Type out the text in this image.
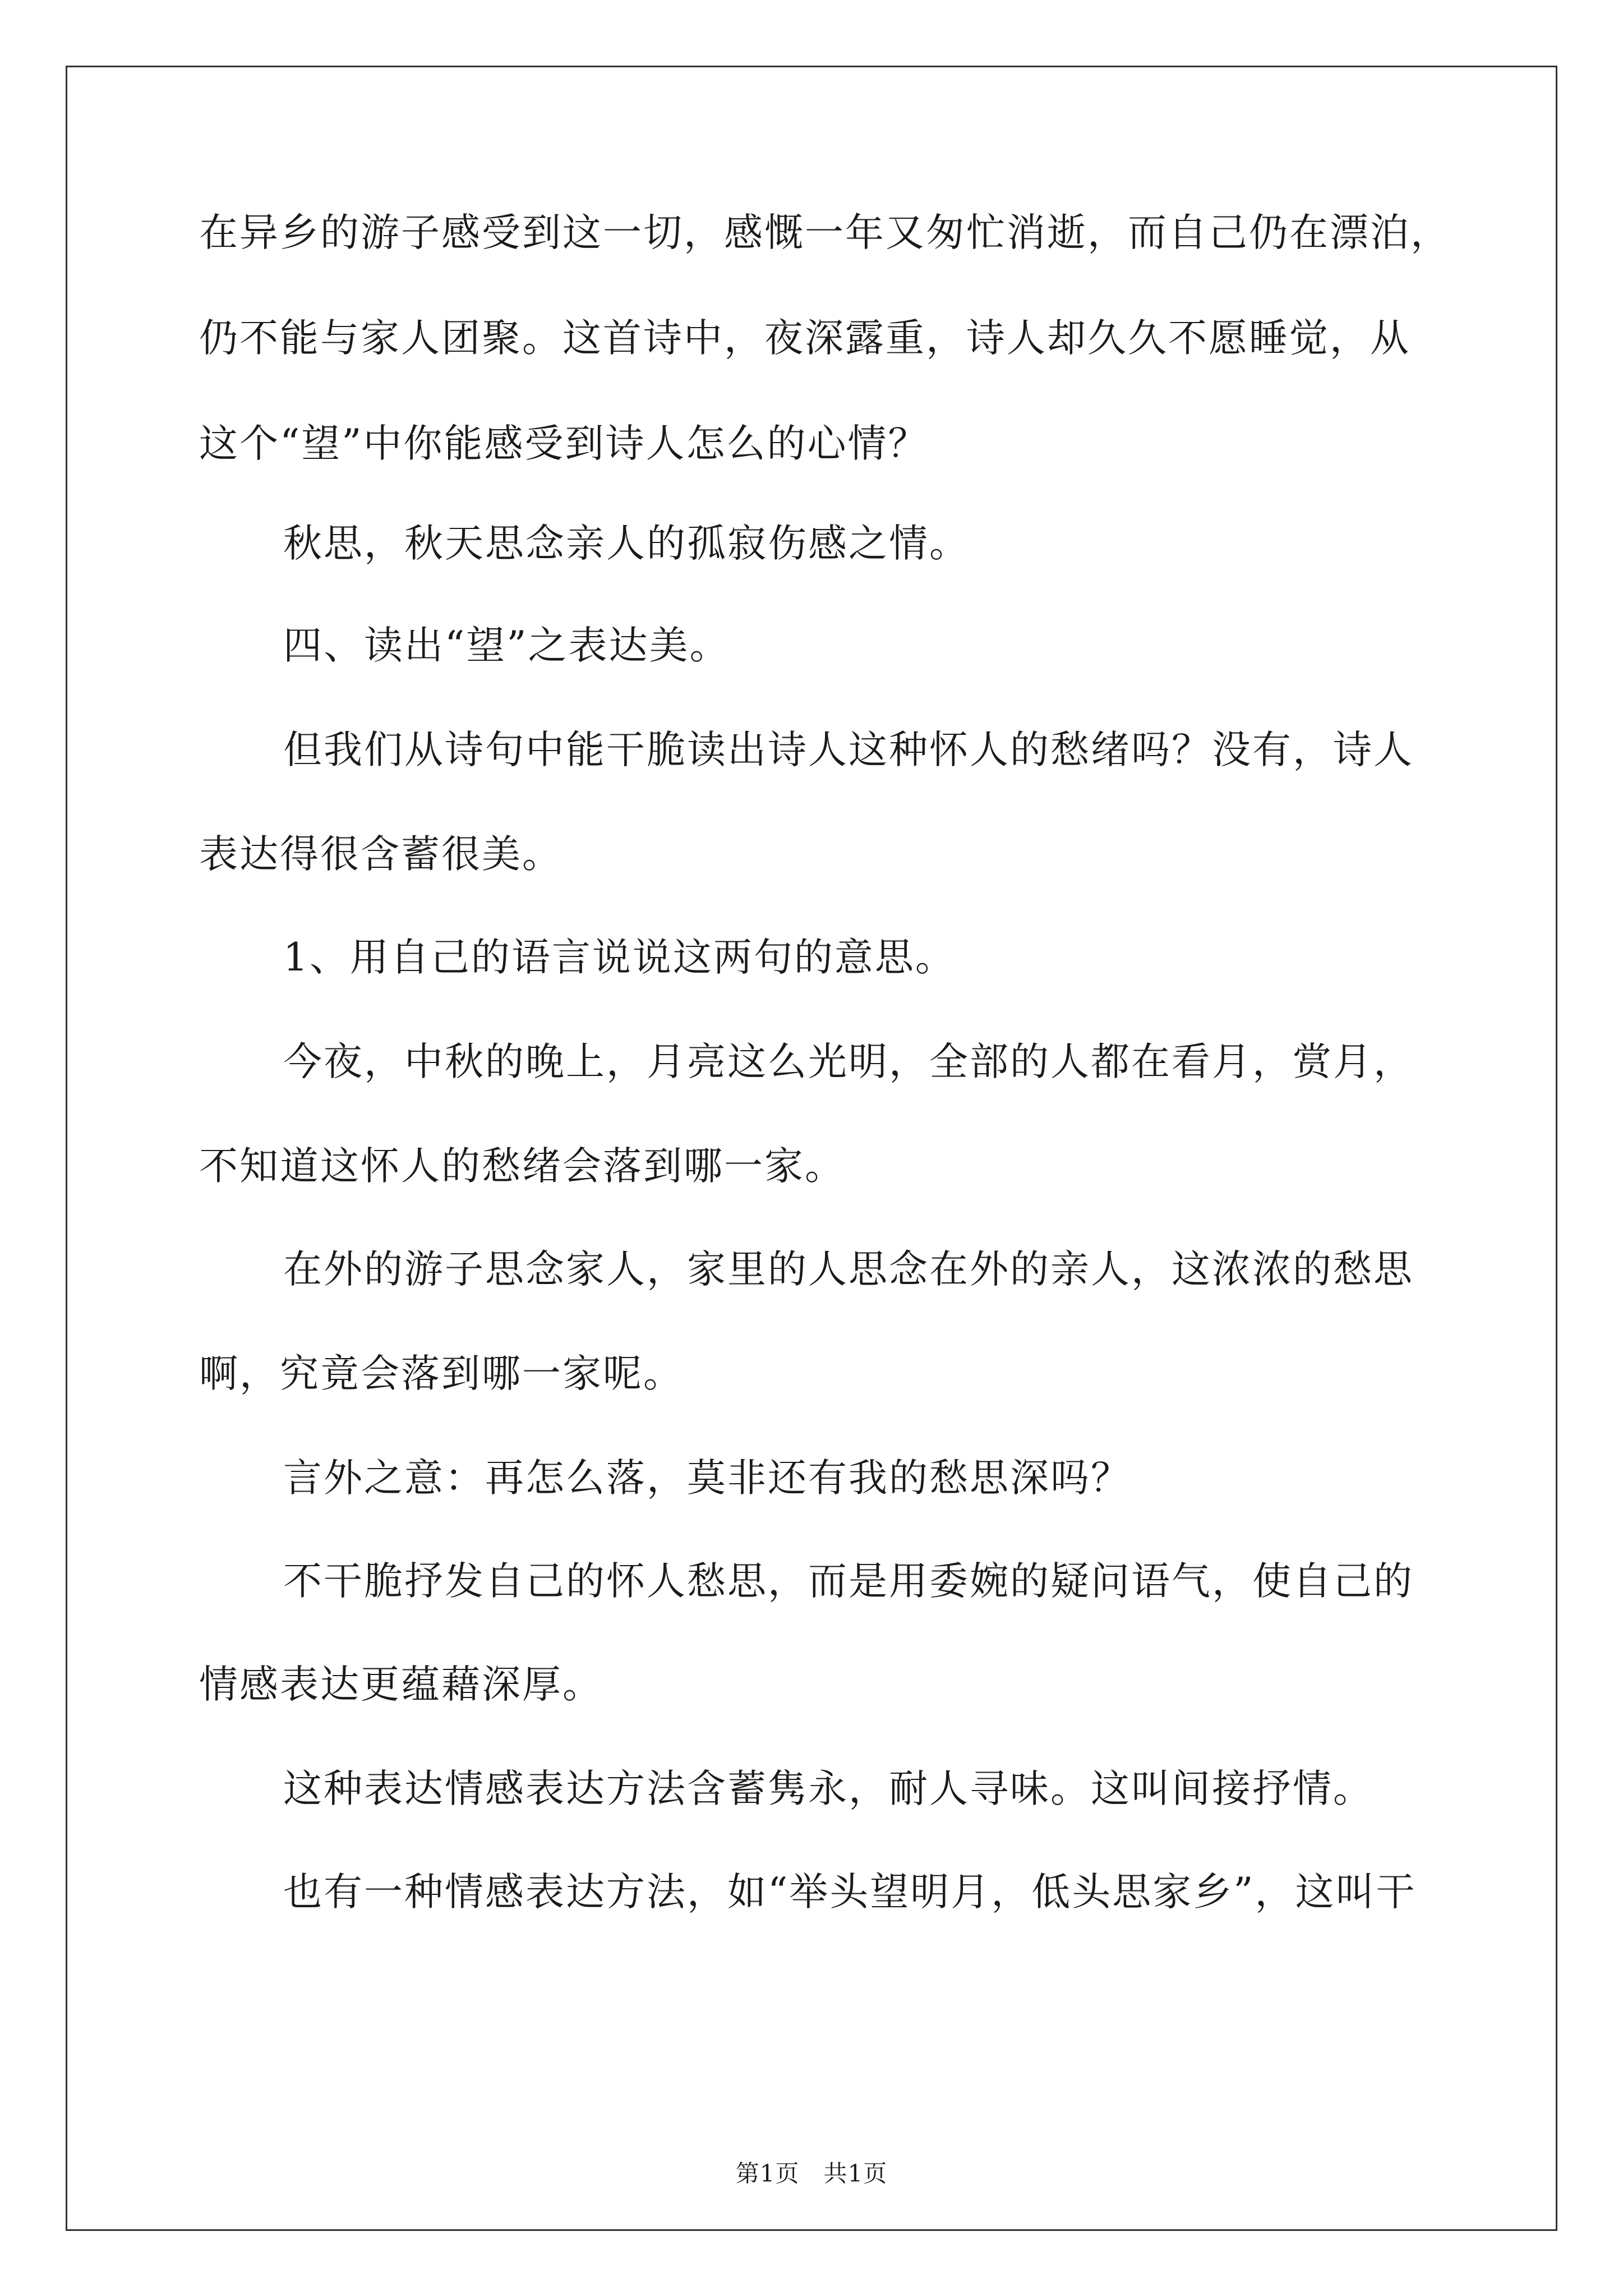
在异乡的游子感受到这一切，感慨一年又匆忙消逝，而自己仍在漂泊，
仍不能与家人团聚。这首诗中，夜深露重，诗人却久久不愿睡觉，从
这个“望”中你能感受到诗人怎么的心情？
秋思，秋天思念亲人的孤寂伤感之情。
四、读出“望”之表达美。
但我们从诗句中能干脆读出诗人这种怀人的愁绪吗？没有，诗人
表达得很含蓄很美。
1、用自己的语言说说这两句的意思。
今夜，中秋的晚上，月亮这么光明，全部的人都在看月，赏月，
不知道这怀人的愁绪会落到哪一家。
在外的游子思念家人，家里的人思念在外的亲人，这浓浓的愁思
啊，究竟会落到哪一家呢。
言外之意：再怎么落，莫非还有我的愁思深吗？
不干脆抒发自己的怀人愁思，而是用委婉的疑问语气，使自己的
情感表达更蕴藉深厚。
这种表达情感表达方法含蓄隽永，耐人寻味。这叫间接抒情。
也有一种情感表达方法，如“举头望明月，低头思家乡”，这叫干
第1页　共1页
